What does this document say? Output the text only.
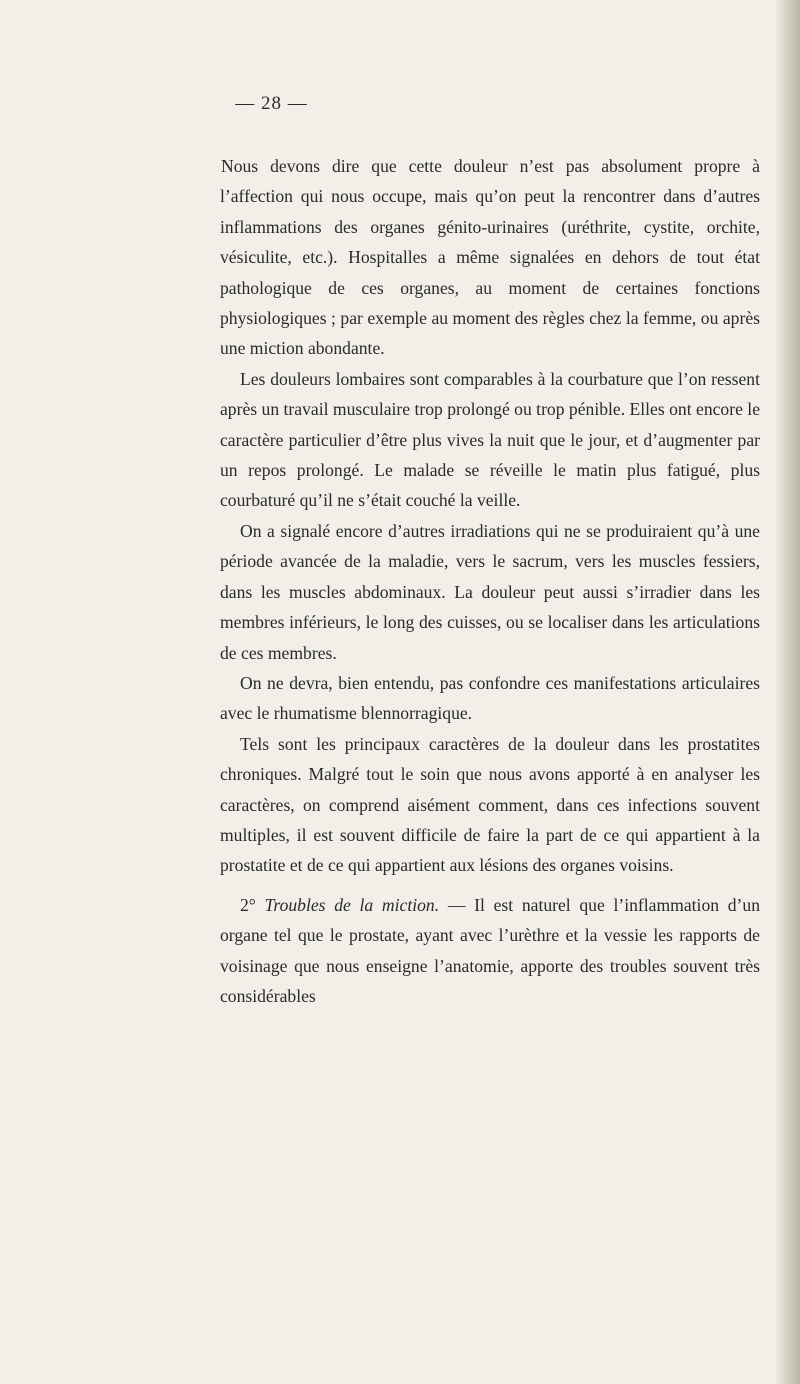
— 28 —

Nous devons dire que cette douleur n’est pas absolument propre à l’affection qui nous occupe, mais qu’on peut la rencontrer dans d’autres inflammations des organes génito-urinaires (uréthrite, cystite, orchite, vésiculite, etc.). Hospitalles a même signalées en dehors de tout état pathologique de ces organes, au moment de certaines fonctions physiologiques ; par exemple au moment des règles chez la femme, ou après une miction abondante.

Les douleurs lombaires sont comparables à la courbature que l’on ressent après un travail musculaire trop prolongé ou trop pénible. Elles ont encore le caractère particulier d’être plus vives la nuit que le jour, et d’augmenter par un repos prolongé. Le malade se réveille le matin plus fatigué, plus courbaturé qu’il ne s’était couché la veille.

On a signalé encore d’autres irradiations qui ne se produiraient qu’à une période avancée de la maladie, vers le sacrum, vers les muscles fessiers, dans les muscles abdominaux. La douleur peut aussi s’irradier dans les membres inférieurs, le long des cuisses, ou se localiser dans les articulations de ces membres.

On ne devra, bien entendu, pas confondre ces manifestations articulaires avec le rhumatisme blennorragique.

Tels sont les principaux caractères de la douleur dans les prostatites chroniques. Malgré tout le soin que nous avons apporté à en analyser les caractères, on comprend aisément comment, dans ces infections souvent multiples, il est souvent difficile de faire la part de ce qui appartient à la prostatite et de ce qui appartient aux lésions des organes voisins.

2° Troubles de la miction. — Il est naturel que l’inflammation d’un organe tel que le prostate, ayant avec l’urèthre et la vessie les rapports de voisinage que nous enseigne l’anatomie, apporte des troubles souvent très considérables
